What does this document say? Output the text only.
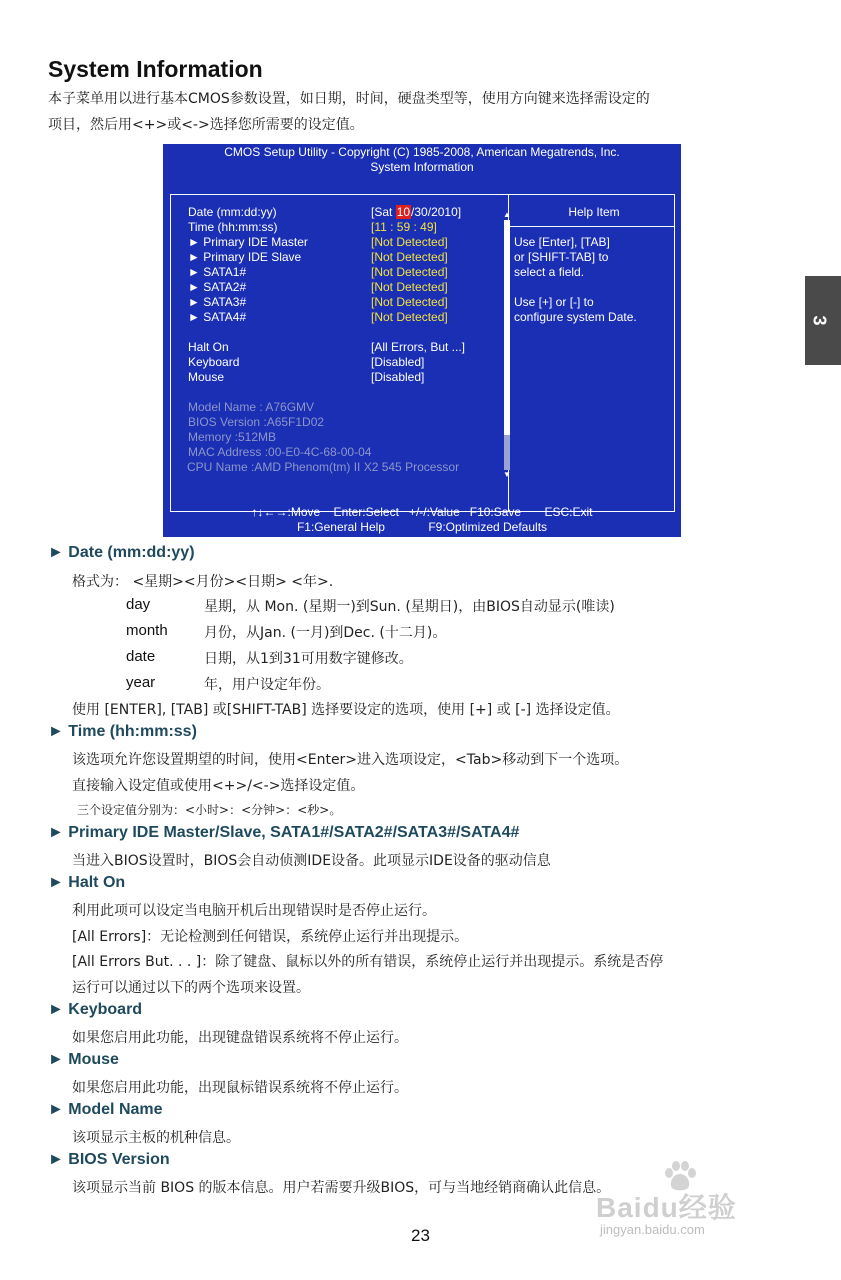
System Information
本子菜单用以进行基本CMOS参数设置，如日期，时间，硬盘类型等，使用方向键来选择需设定的
项目，然后用<+>或<->选择您所需要的设定值。
CMOS Setup Utility - Copyright (C) 1985-2008, American Megatrends, Inc.
System Information
Date (mm:dd:yy)	[Sat 10/30/2010]
Time (hh:mm:ss)	[11 : 59 : 49]
► Primary IDE Master	[Not Detected]
► Primary IDE Slave	[Not Detected]
► SATA1#	[Not Detected]
► SATA2#	[Not Detected]
► SATA3#	[Not Detected]
► SATA4#	[Not Detected]
Halt On	[All Errors, But ...]
Keyboard	[Disabled]
Mouse	[Disabled]
Model Name : A76GMV
BIOS Version :A65F1D02
Memory :512MB
MAC Address :00-E0-4C-68-00-04
CPU Name :AMD Phenom(tm) II X2 545 Processor
▲
▼
Help Item
Use [Enter], [TAB]
or [SHIFT-TAB] to
select a field.
Use [+] or [-] to
configure system Date.
↑↓←→:Move    Enter:Select   +/-/:Value   F10:Save       ESC:Exit
F1:General Help             F9:Optimized Defaults
3
► Date (mm:dd:yy)
格式为： <星期><月份><日期> <年>.
day	星期，从 Mon. (星期一)到Sun. (星期日)，由BIOS自动显示(唯读)
month	月份，从Jan. (一月)到Dec. (十二月)。
date	日期，从1到31可用数字键修改。
year	年，用户设定年份。
使用 [ENTER], [TAB] 或[SHIFT-TAB] 选择要设定的选项，使用 [+] 或 [-] 选择设定值。
► Time (hh:mm:ss)
该选项允许您设置期望的时间，使用<Enter>进入选项设定，<Tab>移动到下一个选项。
直接输入设定值或使用<+>/<->选择设定值。
三个设定值分别为：<小时>：<分钟>：<秒>。
► Primary IDE Master/Slave, SATA1#/SATA2#/SATA3#/SATA4#
当进入BIOS设置时，BIOS会自动侦测IDE设备。此项显示IDE设备的驱动信息
► Halt On
利用此项可以设定当电脑开机后出现错误时是否停止运行。
[All Errors]：无论检测到任何错误，系统停止运行并出现提示。
[All Errors But. . . ]：除了键盘、鼠标以外的所有错误，系统停止运行并出现提示。系统是否停
运行可以通过以下的两个选项来设置。
► Keyboard
如果您启用此功能，出现键盘错误系统将不停止运行。
► Mouse
如果您启用此功能，出现鼠标错误系统将不停止运行。
► Model Name
该项显示主板的机种信息。
► BIOS Version
该项显示当前 BIOS 的版本信息。用户若需要升级BIOS，可与当地经销商确认此信息。
Baidu经验
jingyan.baidu.com
23
